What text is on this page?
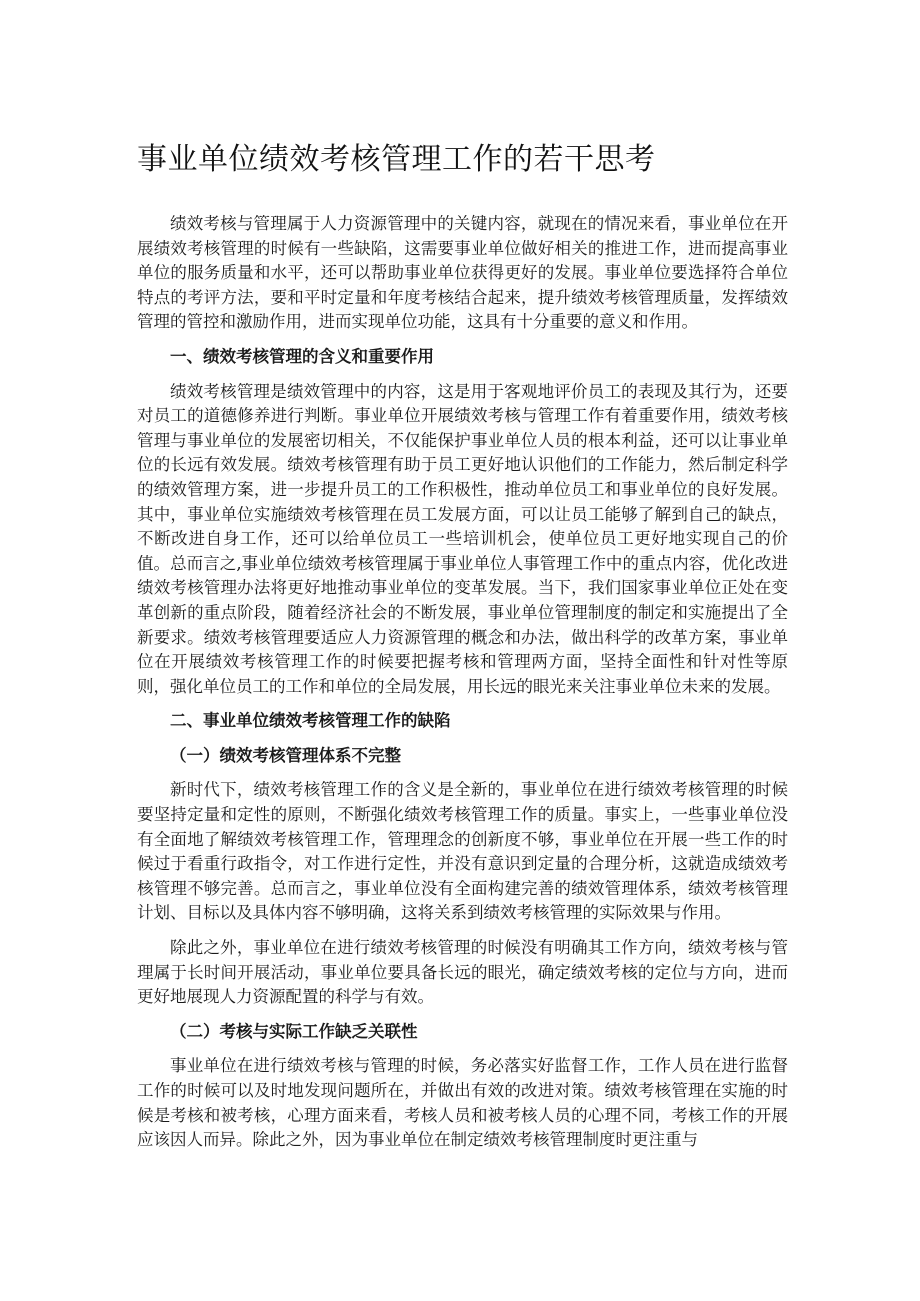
事业单位绩效考核管理工作的若干思考

绩效考核与管理属于人力资源管理中的关键内容，就现在的情况来看，事业单位在开展绩效考核管理的时候有一些缺陷，这需要事业单位做好相关的推进工作，进而提高事业单位的服务质量和水平，还可以帮助事业单位获得更好的发展。事业单位要选择符合单位特点的考评方法，要和平时定量和年度考核结合起来，提升绩效考核管理质量，发挥绩效管理的管控和激励作用，进而实现单位功能，这具有十分重要的意义和作用。

一、绩效考核管理的含义和重要作用

绩效考核管理是绩效管理中的内容，这是用于客观地评价员工的表现及其行为，还要对员工的道德修养进行判断。事业单位开展绩效考核与管理工作有着重要作用，绩效考核管理与事业单位的发展密切相关，不仅能保护事业单位人员的根本利益，还可以让事业单位的长远有效发展。绩效考核管理有助于员工更好地认识他们的工作能力，然后制定科学的绩效管理方案，进一步提升员工的工作积极性，推动单位员工和事业单位的良好发展。其中，事业单位实施绩效考核管理在员工发展方面，可以让员工能够了解到自己的缺点，不断改进自身工作，还可以给单位员工一些培训机会，使单位员工更好地实现自己的价值。总而言之,事业单位绩效考核管理属于事业单位人事管理工作中的重点内容，优化改进绩效考核管理办法将更好地推动事业单位的变革发展。当下，我们国家事业单位正处在变革创新的重点阶段，随着经济社会的不断发展，事业单位管理制度的制定和实施提出了全新要求。绩效考核管理要适应人力资源管理的概念和办法，做出科学的改革方案，事业单位在开展绩效考核管理工作的时候要把握考核和管理两方面，坚持全面性和针对性等原则，强化单位员工的工作和单位的全局发展，用长远的眼光来关注事业单位未来的发展。

二、事业单位绩效考核管理工作的缺陷

（一）绩效考核管理体系不完整

新时代下，绩效考核管理工作的含义是全新的，事业单位在进行绩效考核管理的时候要坚持定量和定性的原则，不断强化绩效考核管理工作的质量。事实上，一些事业单位没有全面地了解绩效考核管理工作，管理理念的创新度不够，事业单位在开展一些工作的时候过于看重行政指令，对工作进行定性，并没有意识到定量的合理分析，这就造成绩效考核管理不够完善。总而言之，事业单位没有全面构建完善的绩效管理体系，绩效考核管理计划、目标以及具体内容不够明确，这将关系到绩效考核管理的实际效果与作用。

除此之外，事业单位在进行绩效考核管理的时候没有明确其工作方向，绩效考核与管理属于长时间开展活动，事业单位要具备长远的眼光，确定绩效考核的定位与方向，进而更好地展现人力资源配置的科学与有效。

（二）考核与实际工作缺乏关联性

事业单位在进行绩效考核与管理的时候，务必落实好监督工作，工作人员在进行监督工作的时候可以及时地发现问题所在，并做出有效的改进对策。绩效考核管理在实施的时候是考核和被考核，心理方面来看，考核人员和被考核人员的心理不同，考核工作的开展应该因人而异。除此之外，因为事业单位在制定绩效考核管理制度时更注重与
